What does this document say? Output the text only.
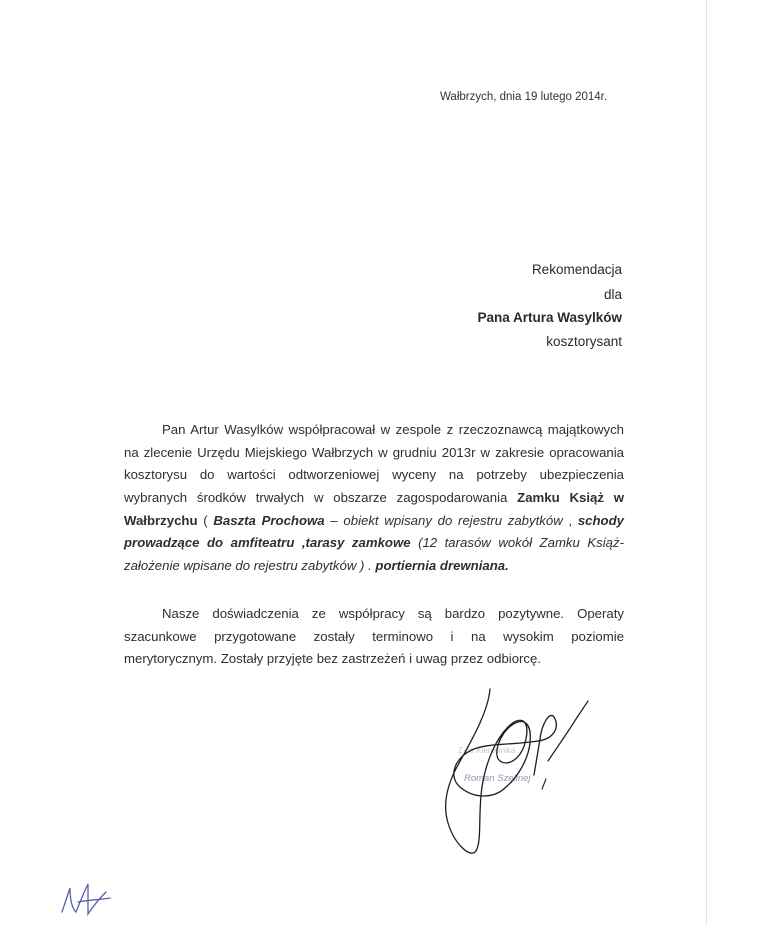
Wałbrzych, dnia 19 lutego 2014r.
Rekomendacja
dla
Pana Artura Wasylków
kosztorysant
Pan Artur Wasylków współpracował w zespole z rzeczoznawcą majątkowych
na zlecenie Urzędu Miejskiego Wałbrzych w grudniu 2013r w zakresie opracowania
kosztorysu do wartości odtworzeniowej wyceny na potrzeby ubezpieczenia
wybranych środków trwałych w obszarze zagospodarowania Zamku Książ w
Wałbrzychu ( Baszta Prochowa – obiekt wpisany do rejestru zabytków , schody
prowadzące do amfiteatru ,tarasy zamkowe (12 tarasów wokół Zamku Książ-
założenie wpisane do rejestru zabytków ) . portiernia drewniana.
Nasze doświadczenia ze współpracy są bardzo pozytywne. Operaty
szacunkowe przygotowane zostały terminowo i na wysokim poziomie
merytorycznym. Zostały przyjęte bez zastrzeżeń i uwag przez odbiorcę.
Z-ca Kierownika
Roman Szelinej
